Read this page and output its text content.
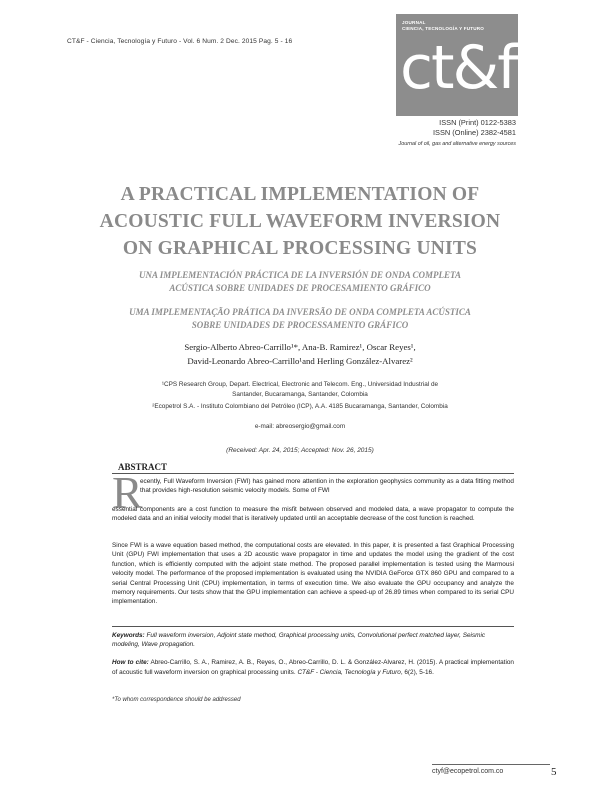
CT&F - Ciencia, Tecnología y Futuro - Vol. 6 Num. 2 Dec. 2015 Pag. 5 - 16
JOURNAL
CIENCIA, TECNOLOGÍA Y FUTURO
ct&f
ISSN (Print) 0122-5383
ISSN (Online) 2382-4581
Journal of oil, gas and alternative energy sources
A PRACTICAL IMPLEMENTATION OF
ACOUSTIC FULL WAVEFORM INVERSION
ON GRAPHICAL PROCESSING UNITS
UNA IMPLEMENTACIÓN PRÁCTICA DE LA INVERSIÓN DE ONDA COMPLETA
ACÚSTICA SOBRE UNIDADES DE PROCESAMIENTO GRÁFICO
UMA IMPLEMENTAÇÃO PRÁTICA DA INVERSÃO DE ONDA COMPLETA ACÚSTICA
SOBRE UNIDADES DE PROCESSAMENTO GRÁFICO
Sergio-Alberto Abreo-Carrillo¹*, Ana-B. Ramirez¹, Oscar Reyes¹,
David-Leonardo Abreo-Carrillo¹and Herling González-Alvarez²
¹CPS Research Group, Depart. Electrical, Electronic and Telecom. Eng., Universidad Industrial de
Santander, Bucaramanga, Santander, Colombia
²Ecopetrol S.A. - Instituto Colombiano del Petróleo (ICP), A.A. 4185 Bucaramanga, Santander, Colombia
e-mail: abreosergio@gmail.com
(Received: Apr. 24, 2015; Accepted: Nov. 26, 2015)
ABSTRACT
R
ecently, Full Waveform Inversion (FWI) has gained more attention in the exploration geophysics community as a data fitting method that provides high-resolution seismic velocity models. Some of FWI
essential components are a cost function to measure the misfit between observed and modeled data, a wave propagator to compute the modeled data and an initial velocity model that is iteratively updated until an acceptable decrease of the cost function is reached.
Since FWI is a wave equation based method, the computational costs are elevated. In this paper, it is presented a fast Graphical Processing Unit (GPU) FWI implementation that uses a 2D acoustic wave propagator in time and updates the model using the gradient of the cost function, which is efficiently computed with the adjoint state method. The proposed parallel implementation is tested using the Marmousi velocity model. The performance of the proposed implementation is evaluated using the NVIDIA GeForce GTX 860 GPU and compared to a serial Central Processing Unit (CPU) implementation, in terms of execution time. We also evaluate the GPU occupancy and analyze the memory requirements. Our tests show that the GPU implementation can achieve a speed-up of 26.89 times when compared to its serial CPU implementation.
Keywords: Full waveform inversion, Adjoint state method, Graphical processing units, Convolutional perfect matched layer, Seismic modeling, Wave propagation.
How to cite: Abreo-Carrillo, S. A., Ramirez, A. B., Reyes, O., Abreo-Carrillo, D. L. & González-Alvarez, H. (2015). A practical implementation of acoustic full waveform inversion on graphical processing units. CT&F - Ciencia, Tecnología y Futuro, 6(2), 5-16.
*To whom correspondence should be addressed
ctyf@ecopetrol.com.co	5
